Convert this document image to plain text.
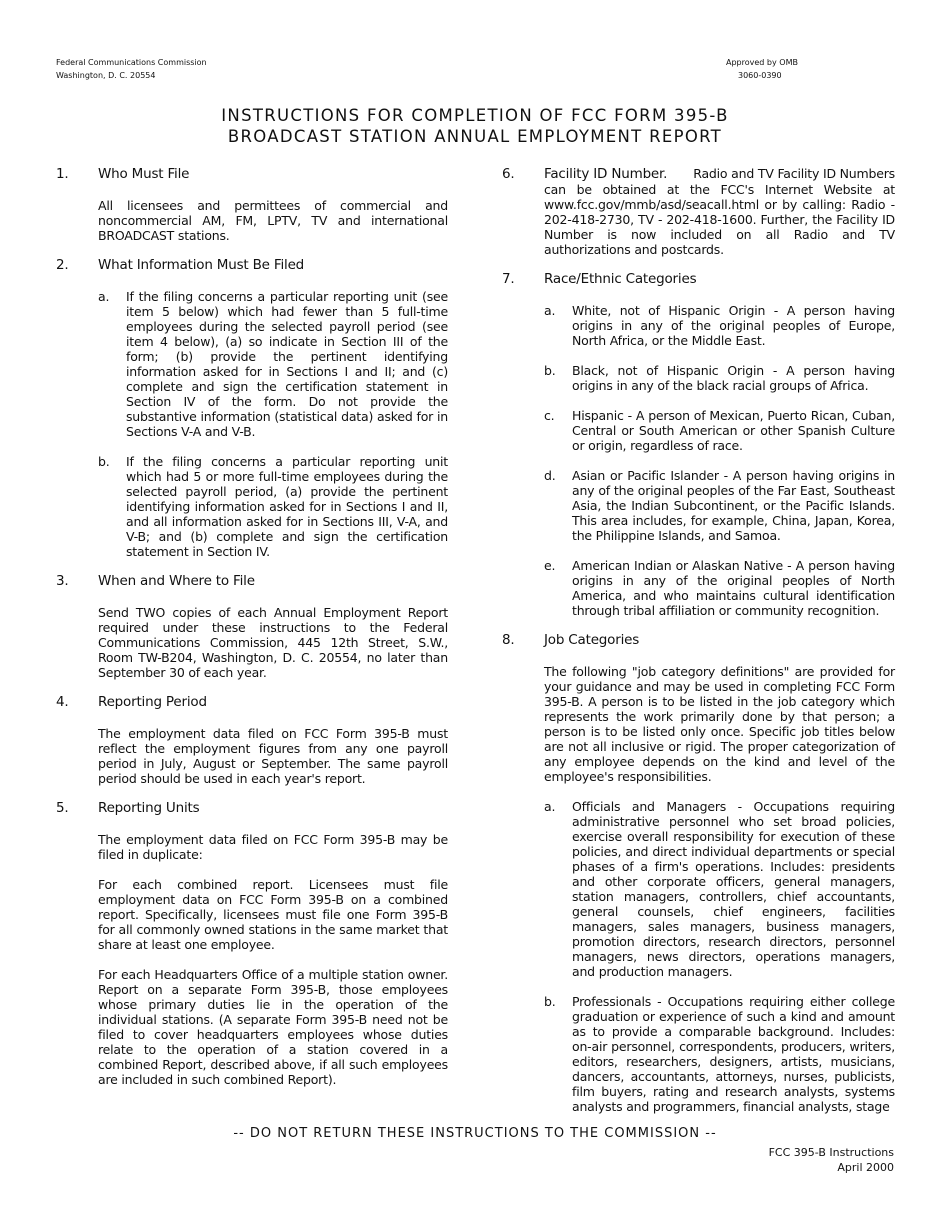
Federal Communications Commission
Washington, D. C. 20554
Approved by OMB
3060-0390
INSTRUCTIONS FOR COMPLETION OF FCC FORM 395-B
BROADCAST STATION ANNUAL EMPLOYMENT REPORT
1. Who Must File

All licensees and permittees of commercial and noncommercial AM, FM, LPTV, TV and international BROADCAST stations.

2. What Information Must Be Filed
a. If the filing concerns a particular reporting unit (see item 5 below) which had fewer than 5 full-time employees during the selected payroll period (see item 4 below), (a) so indicate in Section III of the form; (b) provide the pertinent identifying information asked for in Sections I and II; and (c) complete and sign the certification statement in Section IV of the form. Do not provide the substantive information (statistical data) asked for in Sections V-A and V-B.
b. If the filing concerns a particular reporting unit which had 5 or more full-time employees during the selected payroll period, (a) provide the pertinent identifying information asked for in Sections I and II, and all information asked for in Sections III, V-A, and V-B; and (b) complete and sign the certification statement in Section IV.
3. When and Where to File

Send TWO copies of each Annual Employment Report required under these instructions to the Federal Communications Commission, 445 12th Street, S.W., Room TW-B204, Washington, D. C. 20554, no later than September 30 of each year.

4. Reporting Period

The employment data filed on FCC Form 395-B must reflect the employment figures from any one payroll period in July, August or September. The same payroll period should be used in each year's report.

5. Reporting Units

The employment data filed on FCC Form 395-B may be filed in duplicate:

For each combined report. Licensees must file employment data on FCC Form 395-B on a combined report. Specifically, licensees must file one Form 395-B for all commonly owned stations in the same market that share at least one employee.

For each Headquarters Office of a multiple station owner. Report on a separate Form 395-B, those employees whose primary duties lie in the operation of the individual stations. (A separate Form 395-B need not be filed to cover headquarters employees whose duties relate to the operation of a station covered in a combined Report, described above, if all such employees are included in such combined Report).

6. Facility ID Number. Radio and TV Facility ID Numbers can be obtained at the FCC's Internet Website at www.fcc.gov/mmb/asd/seacall.html or by calling: Radio - 202-418-2730, TV - 202-418-1600. Further, the Facility ID Number is now included on all Radio and TV authorizations and postcards.
7. Race/Ethnic Categories
a. White, not of Hispanic Origin - A person having origins in any of the original peoples of Europe, North Africa, or the Middle East.
b. Black, not of Hispanic Origin - A person having origins in any of the black racial groups of Africa.
c. Hispanic - A person of Mexican, Puerto Rican, Cuban, Central or South American or other Spanish Culture or origin, regardless of race.
d. Asian or Pacific Islander - A person having origins in any of the original peoples of the Far East, Southeast Asia, the Indian Subcontinent, or the Pacific Islands. This area includes, for example, China, Japan, Korea, the Philippine Islands, and Samoa.
e. American Indian or Alaskan Native - A person having origins in any of the original peoples of North America, and who maintains cultural identification through tribal affiliation or community recognition.
8. Job Categories

The following "job category definitions" are provided for your guidance and may be used in completing FCC Form 395-B. A person is to be listed in the job category which represents the work primarily done by that person; a person is to be listed only once. Specific job titles below are not all inclusive or rigid. The proper categorization of any employee depends on the kind and level of the employee's responsibilities.

a. Officials and Managers - Occupations requiring administrative personnel who set broad policies, exercise overall responsibility for execution of these policies, and direct individual departments or special phases of a firm's operations. Includes: presidents and other corporate officers, general managers, station managers, controllers, chief accountants, general counsels, chief engineers, facilities managers, sales managers, business managers, promotion directors, research directors, personnel managers, news directors, operations managers, and production managers.
b. Professionals - Occupations requiring either college graduation or experience of such a kind and amount as to provide a comparable background. Includes: on-air personnel, correspondents, producers, writers, editors, researchers, designers, artists, musicians, dancers, accountants, attorneys, nurses, publicists, film buyers, rating and research analysts, systems analysts and programmers, financial analysts, stage
-- DO NOT RETURN THESE INSTRUCTIONS TO THE COMMISSION --
FCC 395-B Instructions
April 2000
